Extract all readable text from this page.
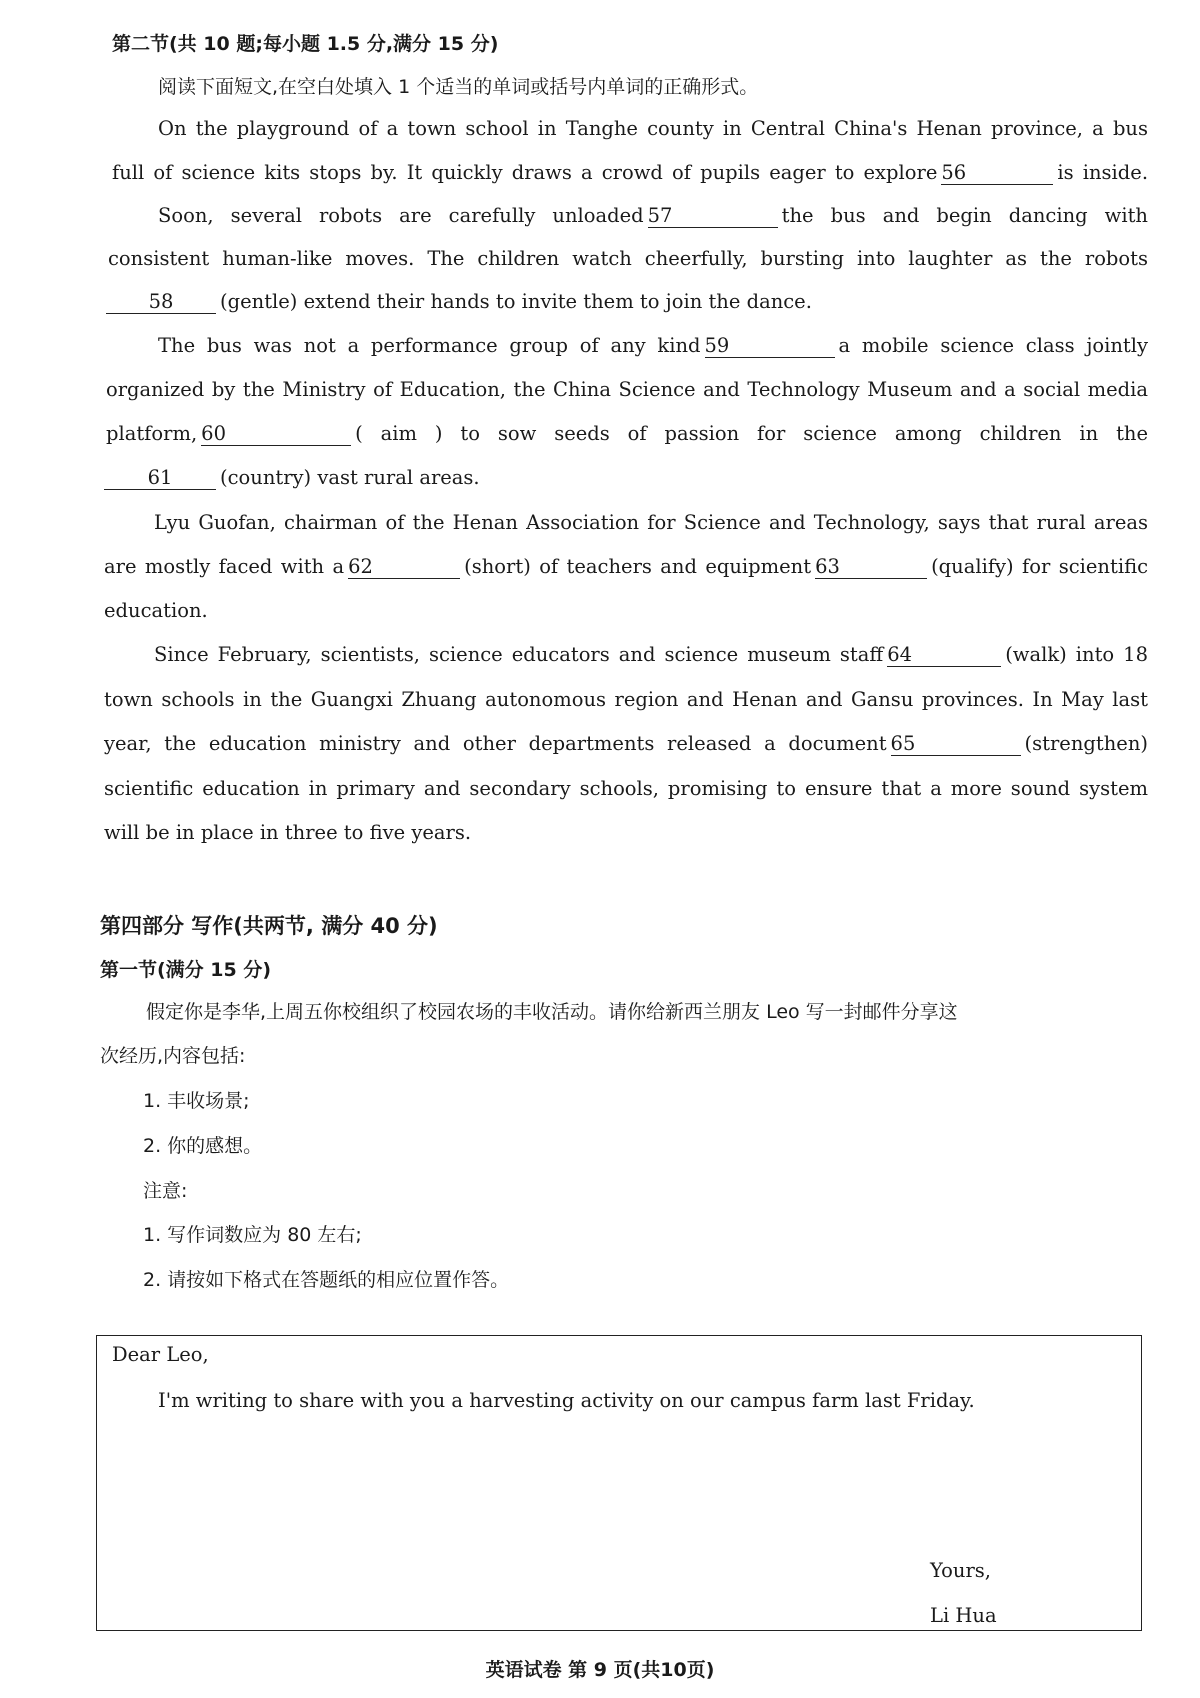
第二节(共 10 题;每小题 1.5 分,满分 15 分)
阅读下面短文,在空白处填入 1 个适当的单词或括号内单词的正确形式。
On the playground of a town school in Tanghe county in Central China's Henan province, a bus
full of science kits stops by. It quickly draws a crowd of pupils eager to explore 56	is inside.
Soon, several robots are carefully unloaded 57	the bus and begin dancing with
consistent human-like moves. The children watch cheerfully, bursting into laughter as the robots
58 (gentle) extend their hands to invite them to join the dance.
The bus was not a performance group of any kind 59	a mobile science class jointly
organized by the Ministry of Education, the China Science and Technology Museum and a social media
platform, 60	( aim ) to sow seeds of passion for science among children in the
61 (country) vast rural areas.
Lyu Guofan, chairman of the Henan Association for Science and Technology, says that rural areas
are mostly faced with a 62	(short) of teachers and equipment 63	(qualify) for scientific
education.
Since February, scientists, science educators and science museum staff 64	(walk) into 18
town schools in the Guangxi Zhuang autonomous region and Henan and Gansu provinces. In May last
year, the education ministry and other departments released a document 65	(strengthen)
scientific education in primary and secondary schools, promising to ensure that a more sound system
will be in place in three to five years.
第四部分 写作(共两节, 满分 40 分)
第一节(满分 15 分)
假定你是李华,上周五你校组织了校园农场的丰收活动。请你给新西兰朋友 Leo 写一封邮件分享这
次经历,内容包括:
1. 丰收场景;
2. 你的感想。
注意:
1. 写作词数应为 80 左右;
2. 请按如下格式在答题纸的相应位置作答。
Dear Leo,
I'm writing to share with you a harvesting activity on our campus farm last Friday.
Yours,
Li Hua
英语试卷 第 9 页(共10页)
